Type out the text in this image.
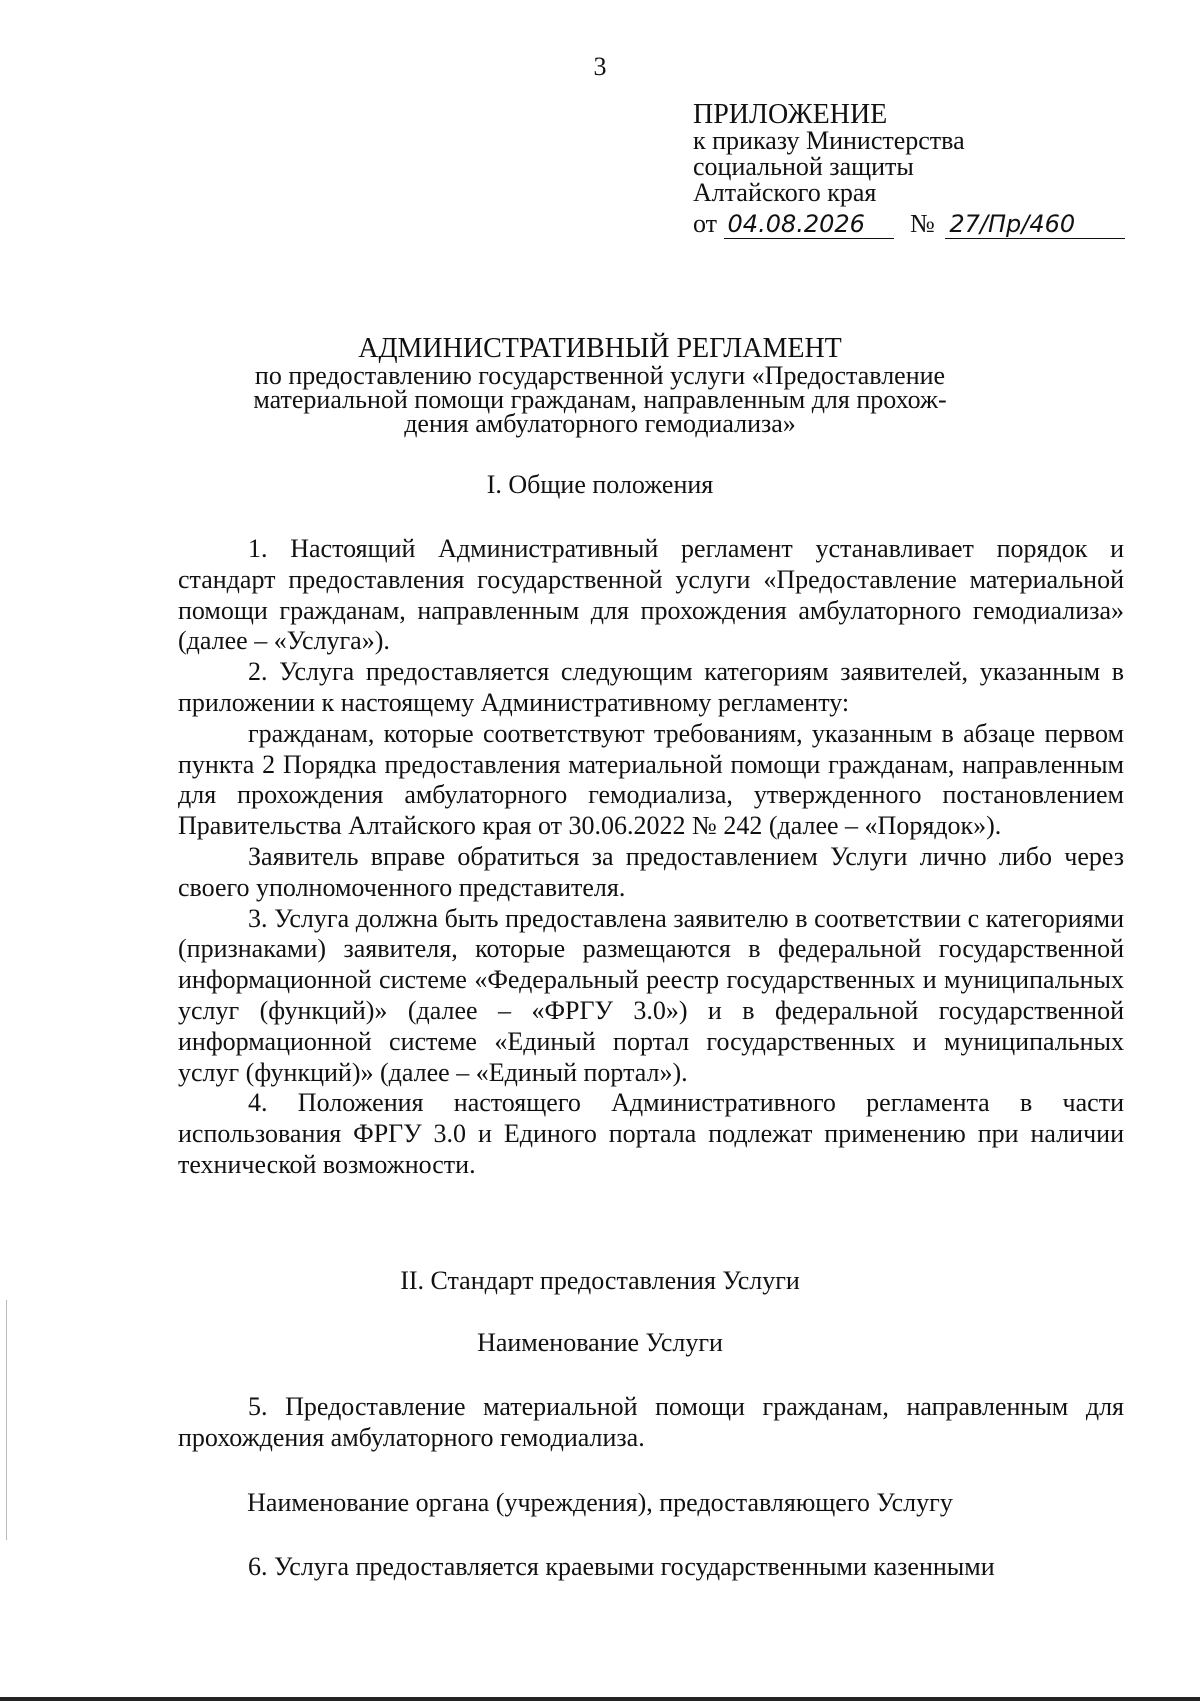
3
ПРИЛОЖЕНИЕ
к приказу Министерства
социальной защиты
Алтайского края
от 04.08.2026 № 27/Пр/460
АДМИНИСТРАТИВНЫЙ РЕГЛАМЕНТ
по предоставлению государственной услуги «Предоставление
материальной помощи гражданам, направленным для прохож-
дения амбулаторного гемодиализа»
I. Общие положения

1. Настоящий Административный регламент устанавливает порядок и стандарт предоставления государственной услуги «Предоставление материальной помощи гражданам, направленным для прохождения амбулаторного гемодиализа» (далее – «Услуга»).

2. Услуга предоставляется следующим категориям заявителей, указанным в приложении к настоящему Административному регламенту:

гражданам, которые соответствуют требованиям, указанным в абзаце первом пункта 2 Порядка предоставления материальной помощи гражданам, направленным для прохождения амбулаторного гемодиализа, утвержденного постановлением Правительства Алтайского края от 30.06.2022 № 242 (далее – «Порядок»).

Заявитель вправе обратиться за предоставлением Услуги лично либо через своего уполномоченного представителя.

3. Услуга должна быть предоставлена заявителю в соответствии с категориями (признаками) заявителя, которые размещаются в федеральной государственной информационной системе «Федеральный реестр государственных и муниципальных услуг (функций)» (далее – «ФРГУ 3.0») и в федеральной государственной информационной системе «Единый портал государственных и муниципальных услуг (функций)» (далее – «Единый портал»).

4. Положения настоящего Административного регламента в части использования ФРГУ 3.0 и Единого портала подлежат применению при наличии технической возможности.

II. Стандарт предоставления Услуги
Наименование Услуги

5. Предоставление материальной помощи гражданам, направленным для прохождения амбулаторного гемодиализа.

Наименование органа (учреждения), предоставляющего Услугу

6. Услуга предоставляется краевыми государственными казенными
